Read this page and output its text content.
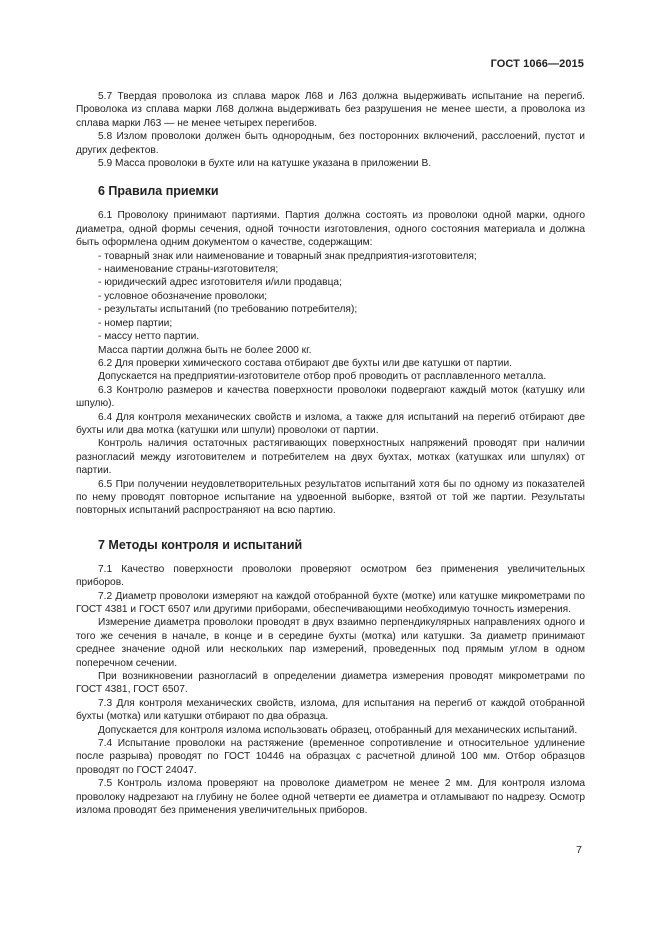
ГОСТ 1066—2015

5.7 Твердая проволока из сплава марок Л68 и Л63 должна выдерживать испытание на перегиб. Проволока из сплава марки Л68 должна выдерживать без разрушения не менее шести, а проволока из сплава марки Л63 — не менее четырех перегибов.

5.8 Излом проволоки должен быть однородным, без посторонних включений, расслоений, пустот и других дефектов.

5.9 Масса проволоки в бухте или на катушке указана в приложении В.

6 Правила приемки

6.1 Проволоку принимают партиями. Партия должна состоять из проволоки одной марки, одного диаметра, одной формы сечения, одной точности изготовления, одного состояния материала и должна быть оформлена одним документом о качестве, содержащим:

- товарный знак или наименование и товарный знак предприятия-изготовителя;

- наименование страны-изготовителя;

- юридический адрес изготовителя и/или продавца;

- условное обозначение проволоки;

- результаты испытаний (по требованию потребителя);

- номер партии;

- массу нетто партии.

Масса партии должна быть не более 2000 кг.

6.2 Для проверки химического состава отбирают две бухты или две катушки от партии.

Допускается на предприятии-изготовителе отбор проб проводить от расплавленного металла.

6.3 Контролю размеров и качества поверхности проволоки подвергают каждый моток (катушку или шпулю).

6.4 Для контроля механических свойств и излома, а также для испытаний на перегиб отбирают две бухты или два мотка (катушки или шпули) проволоки от партии.

Контроль наличия остаточных растягивающих поверхностных напряжений проводят при наличии разногласий между изготовителем и потребителем на двух бухтах, мотках (катушках или шпулях) от партии.

6.5 При получении неудовлетворительных результатов испытаний хотя бы по одному из показателей по нему проводят повторное испытание на удвоенной выборке, взятой от той же партии. Результаты повторных испытаний распространяют на всю партию.

7 Методы контроля и испытаний

7.1 Качество поверхности проволоки проверяют осмотром без применения увеличительных приборов.

7.2 Диаметр проволоки измеряют на каждой отобранной бухте (мотке) или катушке микрометрами по ГОСТ 4381 и ГОСТ 6507 или другими приборами, обеспечивающими необходимую точность измерения.

Измерение диаметра проволоки проводят в двух взаимно перпендикулярных направлениях одного и того же сечения в начале, в конце и в середине бухты (мотка) или катушки. За диаметр принимают среднее значение одной или нескольких пар измерений, проведенных под прямым углом в одном поперечном сечении.

При возникновении разногласий в определении диаметра измерения проводят микрометрами по ГОСТ 4381, ГОСТ 6507.

7.3 Для контроля механических свойств, излома, для испытания на перегиб от каждой отобранной бухты (мотка) или катушки отбирают по два образца.

Допускается для контроля излома использовать образец, отобранный для механических испытаний.

7.4 Испытание проволоки на растяжение (временное сопротивление и относительное удлинение после разрыва) проводят по ГОСТ 10446 на образцах с расчетной длиной 100 мм. Отбор образцов проводят по ГОСТ 24047.

7.5 Контроль излома проверяют на проволоке диаметром не менее 2 мм. Для контроля излома проволоку надрезают на глубину не более одной четверти ее диаметра и отламывают по надрезу. Осмотр излома проводят без применения увеличительных приборов.

7
